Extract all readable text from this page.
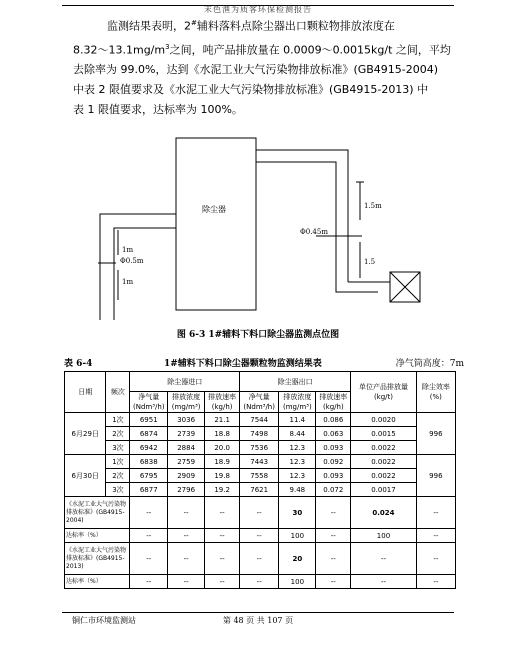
末色渔为质客环保检测报告

监测结果表明，2#辅料落料点除尘器出口颗粒物排放浓度在

$8.32\sim 13.1mg/m^3$之间，吨产品排放量在 0.0009～0.0015kg/t 之间，平均

去除率为 99.0%，达到《水泥工业大气污染物排放标准》(GB4915-2004)

中表 2 限值要求及《水泥工业大气污染物排放标准》(GB4915-2013) 中

表 1 限值要求，达标率为 100%。

除尘器
1m
Φ0.5m
1m
1.5m
Φ0.45m
1.5
图 6-3 1#辅料下料口除尘器监测点位图
表 6-4	1#辅料下料口除尘器颗粒物监测结果表	净气筒高度：7m
日期	频次	除尘器进口			除尘器出口			单位产品排放量(kg/t)	除尘效率(%)
		净气量(Ndm³/h)	排放浓度(mg/m³)	排放速率(kg/h)	净气量(Ndm³/h)	排放浓度(mg/m³)	排放速率(kg/h)		
6月29日	1次	6951	3036	21.1	7544	11.4	0.086	0.0020	996
	2次	6874	2739	18.8	7498	8.44	0.063	0.0015	
	3次	6942	2884	20.0	7536	12.3	0.093	0.0022	
6月30日	1次	6838	2759	18.9	7443	12.3	0.092	0.0022	996
	2次	6795	2909	19.8	7558	12.3	0.093	0.0022	
	3次	6877	2796	19.2	7621	9.48	0.072	0.0017	
《水泥工业大气污染物排放标准》(GB4915-2004)		--	--	--	--	30	--	0.024	--
达标率（%）		--	--	--	--	100	--	100	--
《水泥工业大气污染物排放标准》(GB4915-2013)		--	--	--	--	20	--	--	--
达标率（%）		--	--	--	--	100	--	--	--
铜仁市环境监测站	第 48 页 共 107 页
